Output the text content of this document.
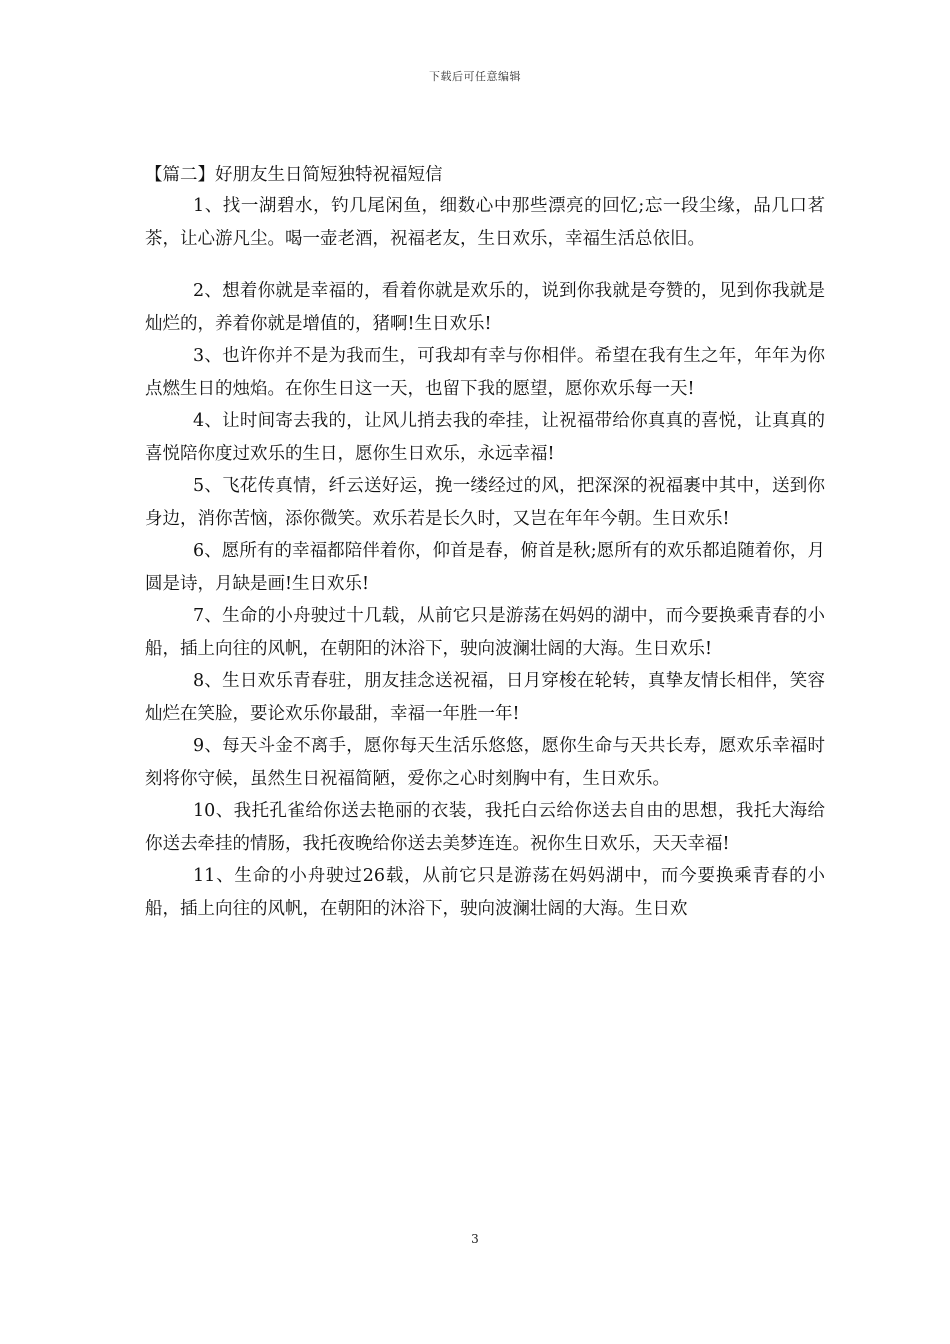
下载后可任意编辑
【篇二】好朋友生日简短独特祝福短信

1、找一湖碧水，钓几尾闲鱼，细数心中那些漂亮的回忆;忘一段尘缘，品几口茗茶，让心游凡尘。喝一壶老酒，祝福老友，生日欢乐，幸福生活总依旧。

2、想着你就是幸福的，看着你就是欢乐的，说到你我就是夸赞的，见到你我就是灿烂的，养着你就是增值的，猪啊!生日欢乐!

3、也许你并不是为我而生，可我却有幸与你相伴。希望在我有生之年，年年为你点燃生日的烛焰。在你生日这一天，也留下我的愿望，愿你欢乐每一天!

4、让时间寄去我的，让风儿捎去我的牵挂，让祝福带给你真真的喜悦，让真真的喜悦陪你度过欢乐的生日，愿你生日欢乐，永远幸福!

5、飞花传真情，纤云送好运，挽一缕经过的风，把深深的祝福裹中其中，送到你身边，消你苦恼，添你微笑。欢乐若是长久时，又岂在年年今朝。生日欢乐!

6、愿所有的幸福都陪伴着你，仰首是春，俯首是秋;愿所有的欢乐都追随着你，月圆是诗，月缺是画!生日欢乐!

7、生命的小舟驶过十几载，从前它只是游荡在妈妈的湖中，而今要换乘青春的小船，插上向往的风帆，在朝阳的沐浴下，驶向波澜壮阔的大海。生日欢乐!

8、生日欢乐青春驻，朋友挂念送祝福，日月穿梭在轮转，真挚友情长相伴，笑容灿烂在笑脸，要论欢乐你最甜，幸福一年胜一年!

9、每天斗金不离手，愿你每天生活乐悠悠，愿你生命与天共长寿，愿欢乐幸福时刻将你守候，虽然生日祝福简陋，爱你之心时刻胸中有，生日欢乐。

10、我托孔雀给你送去艳丽的衣装，我托白云给你送去自由的思想，我托大海给你送去牵挂的情肠，我托夜晚给你送去美梦连连。祝你生日欢乐，天天幸福!

11、生命的小舟驶过26载，从前它只是游荡在妈妈湖中，而今要换乘青春的小船，插上向往的风帆，在朝阳的沐浴下，驶向波澜壮阔的大海。生日欢

3
